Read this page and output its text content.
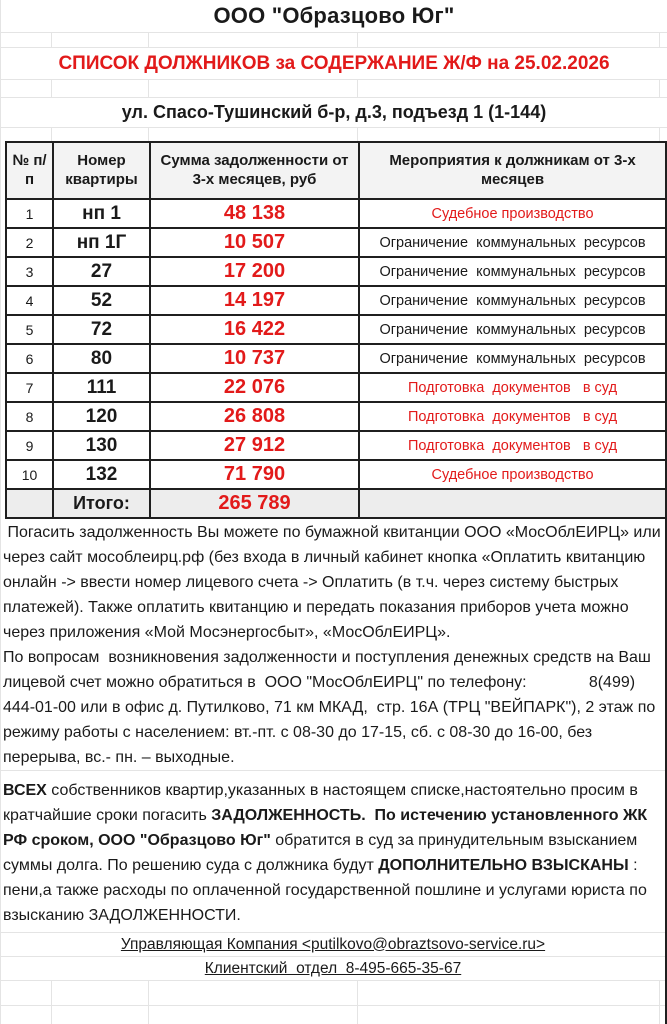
ООО "Образцово Юг"
СПИСОК ДОЛЖНИКОВ за СОДЕРЖАНИЕ Ж/Ф на 25.02.2026
ул. Спасо-Тушинский б-р, д.3, подъезд 1 (1-144)
№ п/п	Номер квартиры	Сумма задолженности от 3-х месяцев, руб	Мероприятия к должникам от 3-х месяцев
1	нп 1	48 138	Судебное производство
2	нп 1Г	10 507	Ограничение  коммунальных  ресурсов
3	27	17 200	Ограничение  коммунальных  ресурсов
4	52	14 197	Ограничение  коммунальных  ресурсов
5	72	16 422	Ограничение  коммунальных  ресурсов
6	80	10 737	Ограничение  коммунальных  ресурсов
7	111	22 076	Подготовка  документов   в суд
8	120	26 808	Подготовка  документов   в суд
9	130	27 912	Подготовка  документов   в суд
10	132	71 790	Судебное производство
	Итого:	265 789	
Погасить задолженность Вы можете по бумажной квитанции ООО «МосОблЕИРЦ» или через сайт мособлеирц.рф (без входа в личный кабинет кнопка «Оплатить квитанцию онлайн -> ввести номер лицевого счета -> Оплатить (в т.ч. через систему быстрых платежей). Также оплатить квитанцию и передать показания приборов учета можно через приложения «Мой Мосэнергосбыт», «МосОблЕИРЦ».
По вопросам  возникновения задолженности и поступления денежных средств на Ваш лицевой счет можно обратиться в  ООО "МосОблЕИРЦ" по телефону:              8(499) 444-01-00 или в офис д. Путилково, 71 км МКАД,  стр. 16А (ТРЦ "ВЕЙПАРК"), 2 этаж по режиму работы с населением: вт.-пт. с 08-30 до 17-15, сб. с 08-30 до 16-00, без перерыва, вс.- пн. – выходные.
ВСЕХ собственников квартир,указанных в настоящем списке,настоятельно просим в кратчайшие сроки погасить ЗАДОЛЖЕННОСТЬ.  По истечению установленного ЖК РФ сроком, ООО "Образцово Юг" обратится в суд за принудительным взысканием суммы долга. По решению суда с должника будут ДОПОЛНИТЕЛЬНО ВЗЫСКАНЫ : пени,а также расходы по оплаченной государственной пошлине и услугами юриста по взысканию ЗАДОЛЖЕННОСТИ.
Управляющая Компания <putilkovo@obraztsovo-service.ru>
Клиентский  отдел  8-495-665-35-67
